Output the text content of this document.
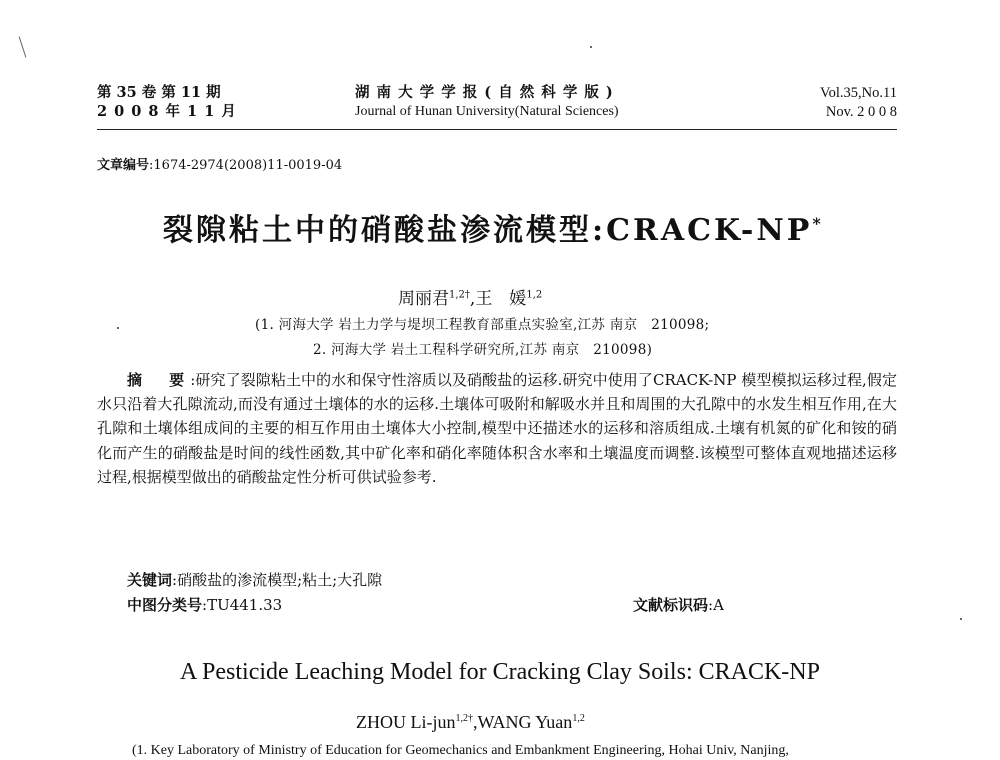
第 35 卷 第 11 期
2 0 0 8 年 1 1 月
湖 南 大 学 学 报 ( 自 然 科 学 版 )
Journal of Hunan University(Natural Sciences)
Vol.35,No.11
Nov. 2 0 0 8
文章编号:1674-2974(2008)11-0019-04
裂隙粘土中的硝酸盐渗流模型:CRACK-NP*
周丽君$^{1,2\dagger}$,王　媛$^{1,2}$
(1. 河海大学 岩土力学与堤坝工程教育部重点实验室,江苏 南京　210098;
2. 河海大学 岩土工程科学研究所,江苏 南京　210098)
摘　要:研究了裂隙粘土中的水和保守性溶质以及硝酸盐的运移.研究中使用了CRACK-NP 模型模拟运移过程,假定水只沿着大孔隙流动,而没有通过土壤体的水的运移.土壤体可吸附和解吸水并且和周围的大孔隙中的水发生相互作用,在大孔隙和土壤体组成间的主要的相互作用由土壤体大小控制,模型中还描述水的运移和溶质组成.土壤有机氮的矿化和铵的硝化而产生的硝酸盐是时间的线性函数,其中矿化率和硝化率随体积含水率和土壤温度而调整.该模型可整体直观地描述运移过程,根据模型做出的硝酸盐定性分析可供试验参考.
关键词:硝酸盐的渗流模型;粘土;大孔隙
中图分类号:TU441.33	文献标识码:A
A Pesticide Leaching Model for Cracking Clay Soils: CRACK-NP
ZHOU Li-jun$^{1,2\dagger}$,WANG Yuan$^{1,2}$
(1. Key Laboratory of Ministry of Education for Geomechanics and Embankment Engineering, Hohai Univ, Nanjing,
